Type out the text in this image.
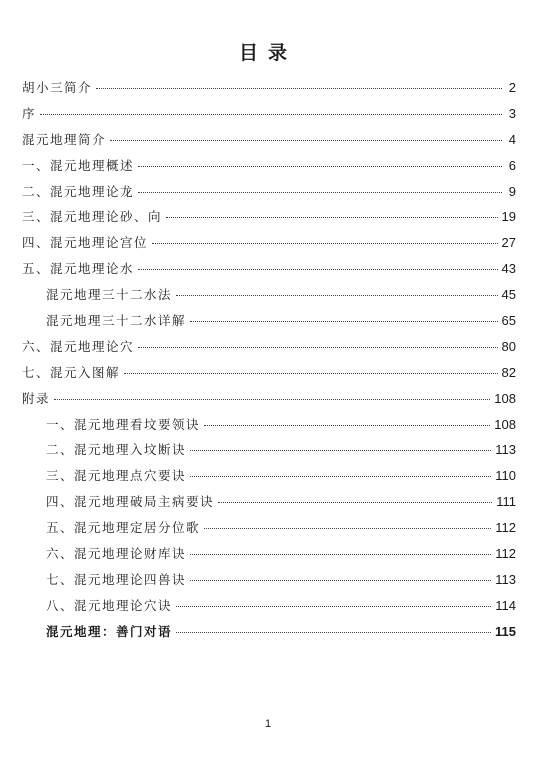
目录
胡小三简介	2
序	3
混元地理简介	4
一、混元地理概述	6
二、混元地理论龙	9
三、混元地理论砂、向	19
四、混元地理论宫位	27
五、混元地理论水	43
混元地理三十二水法	45
混元地理三十二水详解	65
六、混元地理论穴	80
七、混元入图解	82
附录	108
一、混元地理看坟要领诀	108
二、混元地理入坟断诀	113
三、混元地理点穴要诀	110
四、混元地理破局主病要诀	111
五、混元地理定居分位歌	112
六、混元地理论财库诀	112
七、混元地理论四兽诀	113
八、混元地理论穴诀	114
混元地理：善门对语	115
1
